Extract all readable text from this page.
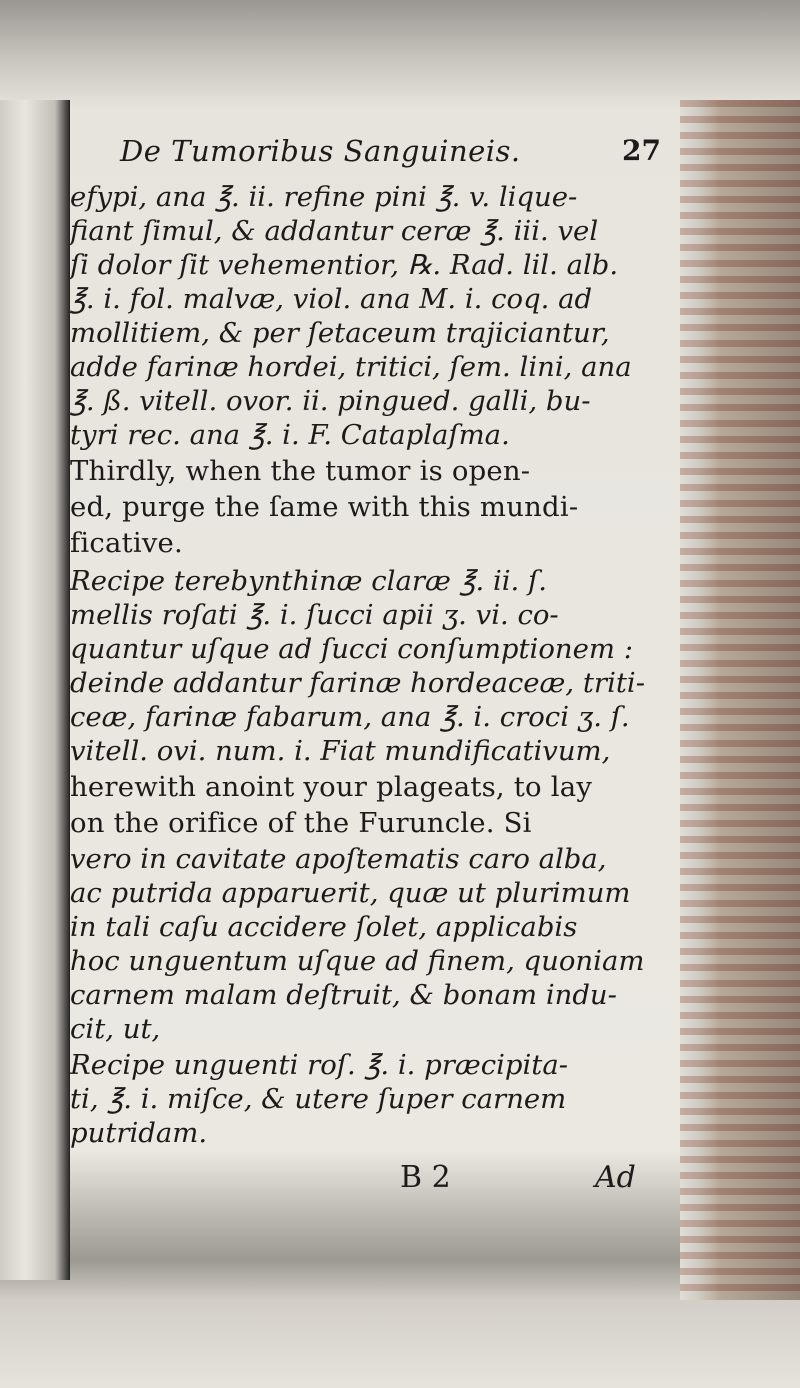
De Tumoribus Sanguineis.	27
efypi, ana ℥. ii. refine pini ℥. v. lique-
fiant ſimul, & addantur ceræ ℥. iii. vel
ſi dolor ſit vehementior, ℞. Rad. lil. alb.
℥. i. fol. malvæ, viol. ana M. i. coq. ad
mollitiem, & per ſetaceum trajiciantur,
adde farinæ hordei, tritici, ſem. lini, ana
℥. ß. vitell. ovor. ii. pingued. galli, bu-
tyri rec. ana ℥. i. F. Cataplaſma.
Thirdly, when the tumor is open-
ed, purge the ſame with this mundi-
ficative.
Recipe terebynthinæ claræ ℥. ii. ſ.
mellis roſati ℥. i. ſucci apii ʒ. vi. co-
quantur uſque ad ſucci conſumptionem :
deinde addantur farinæ hordeaceæ, triti-
ceæ, farinæ fabarum, ana ℥. i. croci ʒ. ſ.
vitell. ovi. num. i. Fiat mundificativum,
herewith anoint your plageats, to lay
on the orifice of the Furuncle. Si
vero in cavitate apoſtematis caro alba,
ac putrida apparuerit, quæ ut plurimum
in tali caſu accidere ſolet, applicabis
hoc unguentum uſque ad finem, quoniam
carnem malam deſtruit, & bonam indu-
cit, ut,
Recipe unguenti roſ. ℥. i. præcipita-
ti, ℥. i. miſce, & utere ſuper carnem
putridam.
B 2	Ad
